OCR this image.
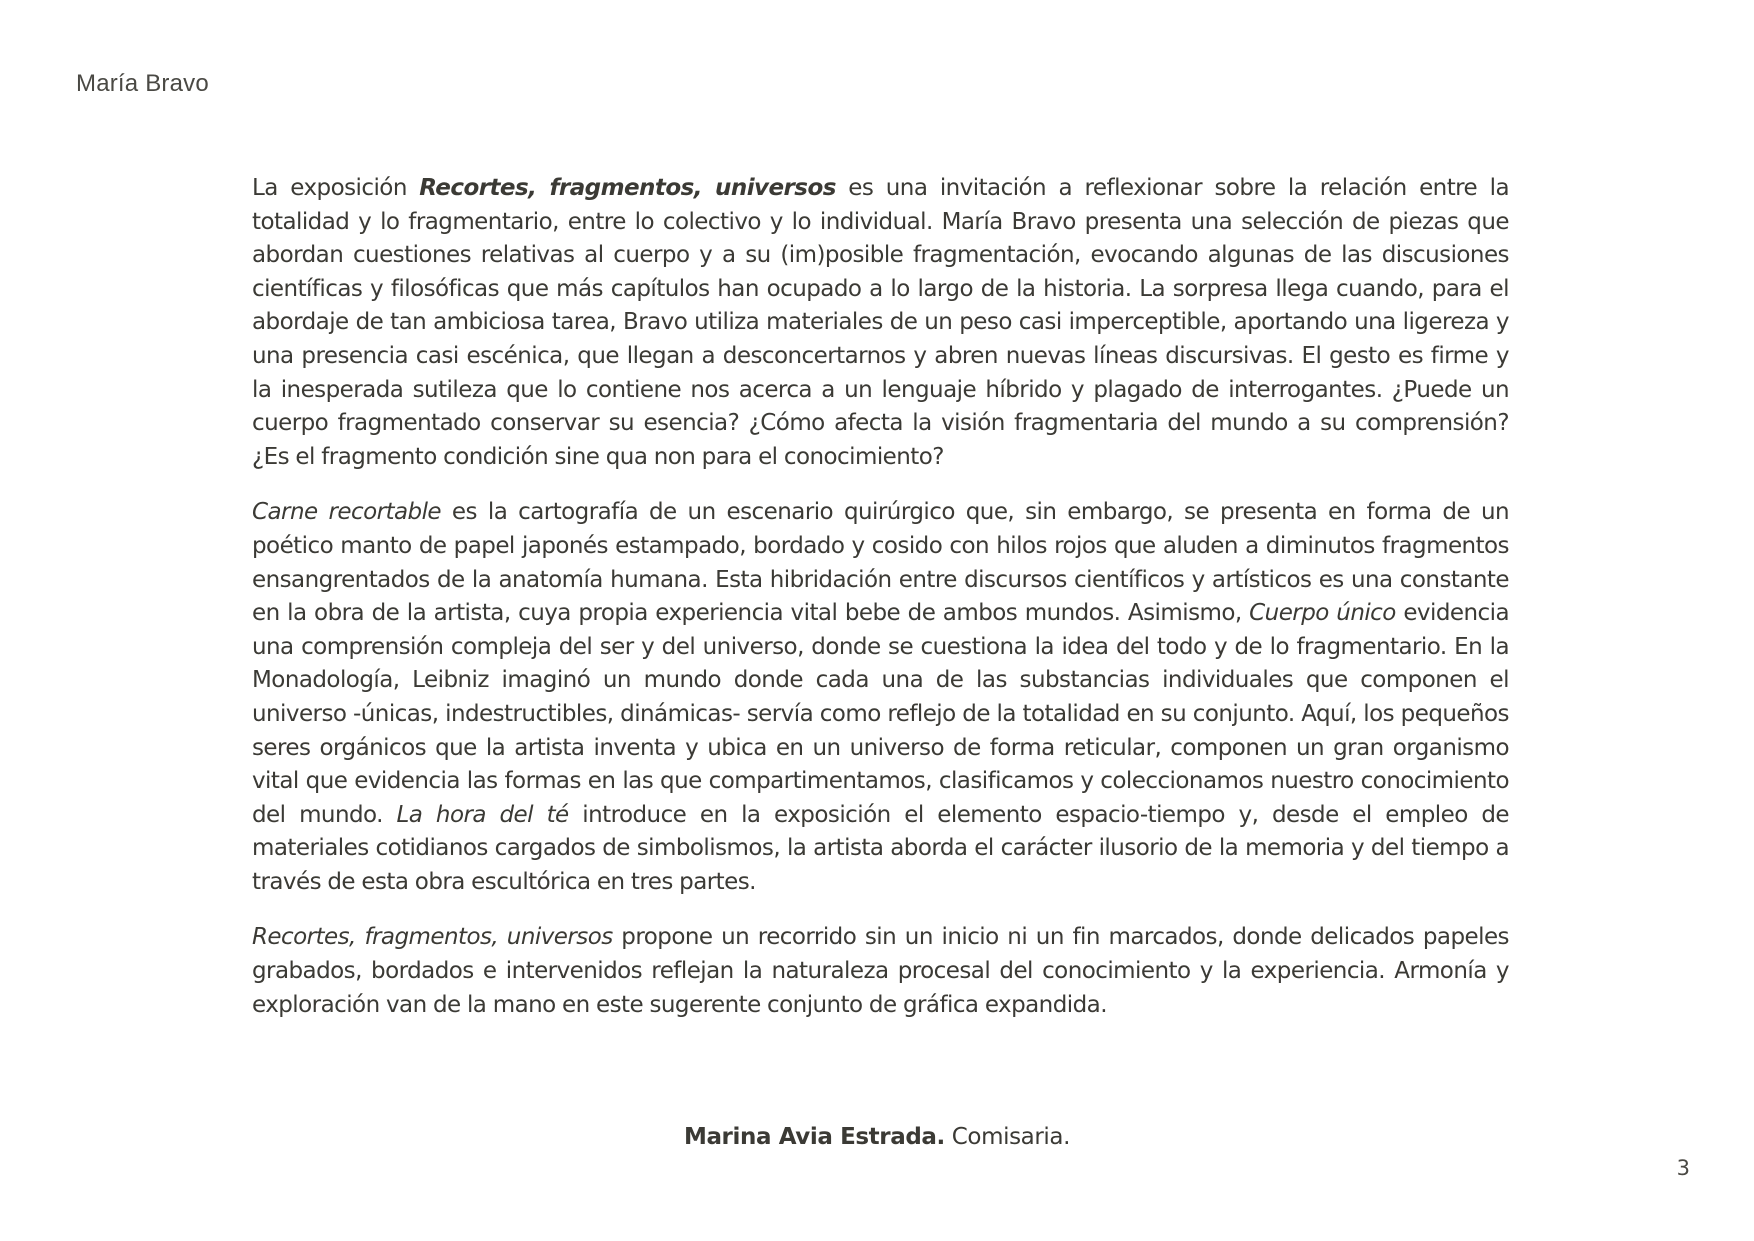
María Bravo

La exposición Recortes, fragmentos, universos es una invitación a reflexionar sobre la relación entre la totalidad y lo fragmentario, entre lo colectivo y lo individual. María Bravo presenta una selección de piezas que abordan cuestiones relativas al cuerpo y a su (im)posible fragmentación, evocando algunas de las discusiones científicas y filosóficas que más capítulos han ocupado a lo largo de la historia. La sorpresa llega cuando, para el abordaje de tan ambiciosa tarea, Bravo utiliza materiales de un peso casi imperceptible, aportando una ligereza y una presencia casi escénica, que llegan a desconcertarnos y abren nuevas líneas discursivas. El gesto es firme y la inesperada sutileza que lo contiene nos acerca a un lenguaje híbrido y plagado de interrogantes. ¿Puede un cuerpo fragmentado conservar su esencia? ¿Cómo afecta la visión fragmentaria del mundo a su comprensión? ¿Es el fragmento condición sine qua non para el conocimiento?

Carne recortable es la cartografía de un escenario quirúrgico que, sin embargo, se presenta en forma de un poético manto de papel japonés estampado, bordado y cosido con hilos rojos que aluden a diminutos fragmentos ensangrentados de la anatomía humana. Esta hibridación entre discursos científicos y artísticos es una constante en la obra de la artista, cuya propia experiencia vital bebe de ambos mundos. Asimismo, Cuerpo único evidencia una comprensión compleja del ser y del universo, donde se cuestiona la idea del todo y de lo fragmentario. En la Monadología, Leibniz imaginó un mundo donde cada una de las substancias individuales que componen el universo -únicas, indestructibles, dinámicas- servía como reflejo de la totalidad en su conjunto. Aquí, los pequeños seres orgánicos que la artista inventa y ubica en un universo de forma reticular, componen un gran organismo vital que evidencia las formas en las que compartimentamos, clasificamos y coleccionamos nuestro conocimiento del mundo. La hora del té introduce en la exposición el elemento espacio-tiempo y, desde el empleo de materiales cotidianos cargados de simbolismos, la artista aborda el carácter ilusorio de la memoria y del tiempo a través de esta obra escultórica en tres partes.

Recortes, fragmentos, universos propone un recorrido sin un inicio ni un fin marcados, donde delicados papeles grabados, bordados e intervenidos reflejan la naturaleza procesal del conocimiento y la experiencia. Armonía y exploración van de la mano en este sugerente conjunto de gráfica expandida.

Marina Avia Estrada. Comisaria.
3
